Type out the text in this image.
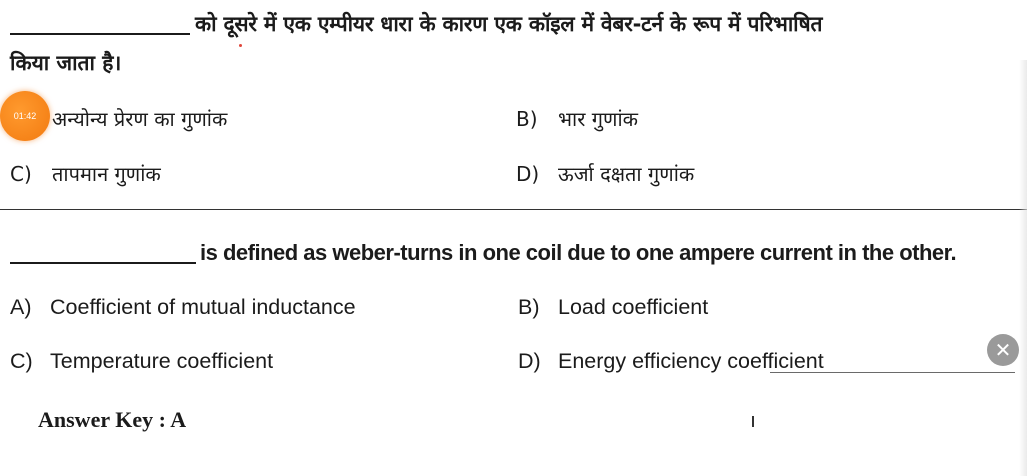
को दूसरे में एक एम्पीयर धारा के कारण एक कॉइल में वेबर-टर्न के रूप में परिभाषित
किया जाता है।
अन्योन्य प्रेरण का गुणांक	B) भार गुणांक
C) तापमान गुणांक	D) ऊर्जा दक्षता गुणांक
01:42
is defined as weber-turns in one coil due to one ampere current in the other.
A) Coefficient of mutual inductance	B) Load coefficient
C) Temperature coefficient	D) Energy efficiency coefficient	✕
Answer Key : A
